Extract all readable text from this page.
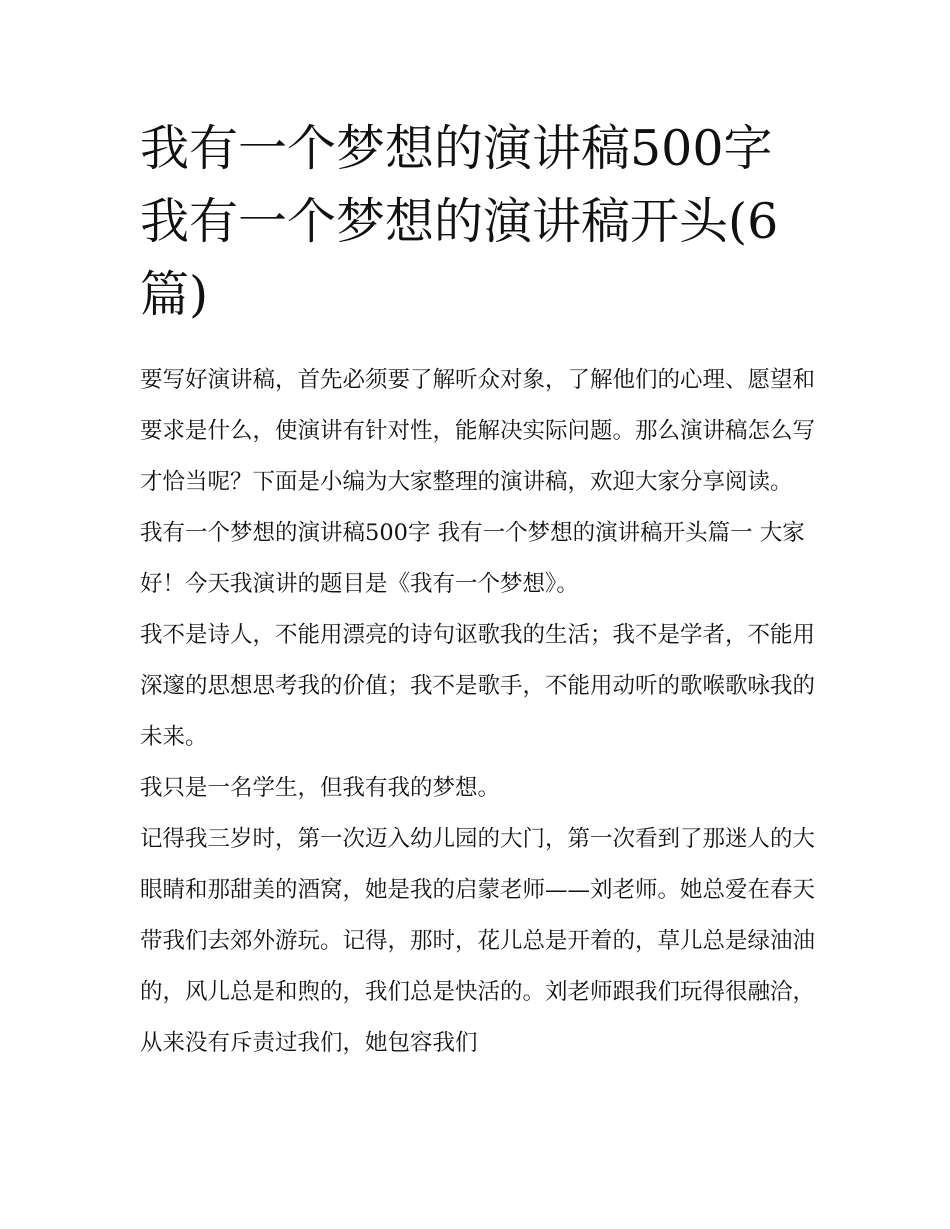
我有一个梦想的演讲稿500字
我有一个梦想的演讲稿开头(6
篇)

要写好演讲稿，首先必须要了解听众对象，了解他们的心理、愿望和要求是什么，使演讲有针对性，能解决实际问题。那么演讲稿怎么写才恰当呢？下面是小编为大家整理的演讲稿，欢迎大家分享阅读。

我有一个梦想的演讲稿500字 我有一个梦想的演讲稿开头篇一 大家好！今天我演讲的题目是《我有一个梦想》。

我不是诗人，不能用漂亮的诗句讴歌我的生活；我不是学者，不能用深邃的思想思考我的价值；我不是歌手，不能用动听的歌喉歌咏我的未来。

我只是一名学生，但我有我的梦想。

记得我三岁时，第一次迈入幼儿园的大门，第一次看到了那迷人的大眼睛和那甜美的酒窝，她是我的启蒙老师——刘老师。她总爱在春天带我们去郊外游玩。记得，那时，花儿总是开着的，草儿总是绿油油的，风儿总是和煦的，我们总是快活的。刘老师跟我们玩得很融洽，从来没有斥责过我们，她包容我们
